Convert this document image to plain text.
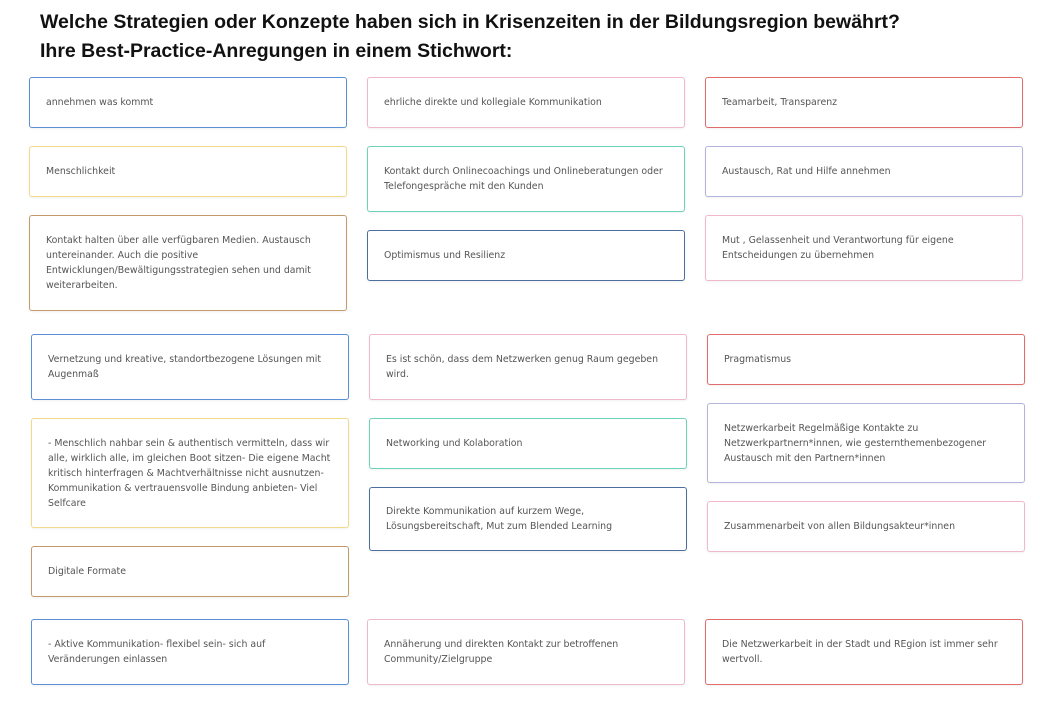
Welche Strategien oder Konzepte haben sich in Krisenzeiten in der Bildungsregion bewährt?
Ihre Best-Practice-Anregungen in einem Stichwort:
annehmen was kommt	ehrliche direkte und kollegiale Kommunikation	Teamarbeit, Transparenz
Menschlichkeit	Kontakt durch Onlinecoachings und Onlineberatungen oder Telefongespräche mit den Kunden
Austausch, Rat und Hilfe annehmen
Kontakt halten über alle verfügbaren Medien. Austausch untereinander. Auch die positive Entwicklungen/Bewältigungsstrategien sehen und damit weiterarbeiten.
Optimismus und Resilienz
Mut , Gelassenheit und Verantwortung für eigene Entscheidungen zu übernehmen
Vernetzung und kreative, standortbezogene Lösungen mit Augenmaß
Es ist schön, dass dem Netzwerken genug Raum gegeben wird.
Pragmatismus
- Menschlich nahbar sein & authentisch vermitteln, dass wir alle, wirklich alle, im gleichen Boot sitzen- Die eigene Macht kritisch hinterfragen & Machtverhältnisse nicht ausnutzen- Kommunikation & vertrauensvolle Bindung anbieten- Viel Selfcare
Networking und Kolaboration
Netzwerkarbeit Regelmäßige Kontakte zu Netzwerkpartnern*innen, wie gesternthemenbezogener Austausch mit den Partnern*innen
Direkte Kommunikation auf kurzem Wege, Lösungsbereitschaft, Mut zum Blended Learning	Zusammenarbeit von allen Bildungsakteur*innen
Digitale Formate
- Aktive Kommunikation- flexibel sein- sich auf Veränderungen einlassen
Annäherung und direkten Kontakt zur betroffenen Community/Zielgruppe
Die Netzwerkarbeit in der Stadt und REgion ist immer sehr wertvoll.
